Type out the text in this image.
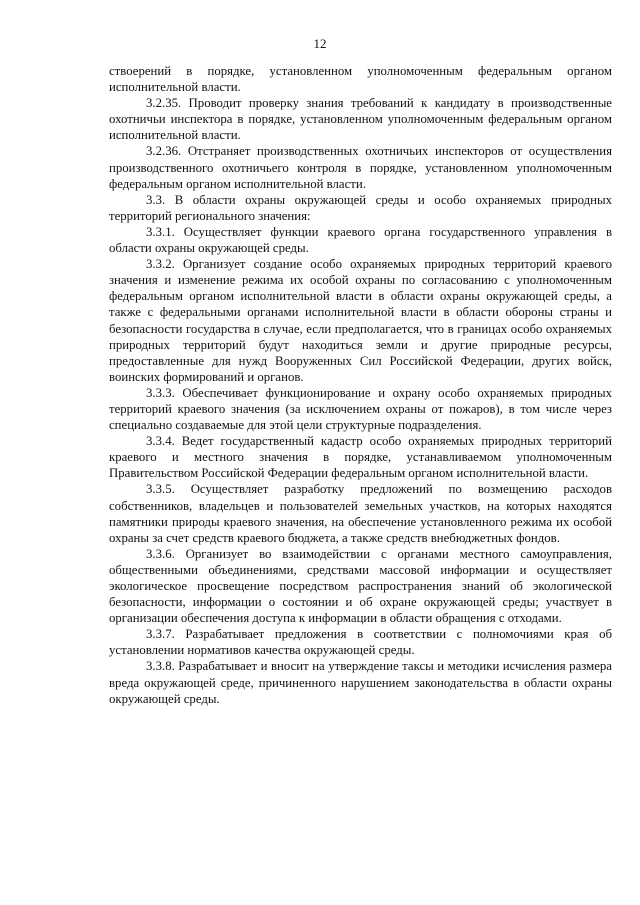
12

ствоерений в порядке, установленном уполномоченным федеральным органом исполнительной власти.

3.2.35. Проводит проверку знания требований к кандидату в производственные охотничьи инспектора в порядке, установленном уполномоченным федеральным органом исполнительной власти.

3.2.36. Отстраняет производственных охотничьих инспекторов от осуществления производственного охотничьего контроля в порядке, установленном уполномоченным федеральным органом исполнительной власти.

3.3. В области охраны окружающей среды и особо охраняемых природных территорий регионального значения:

3.3.1. Осуществляет функции краевого органа государственного управления в области охраны окружающей среды.

3.3.2. Организует создание особо охраняемых природных территорий краевого значения и изменение режима их особой охраны по согласованию с уполномоченным федеральным органом исполнительной власти в области охраны окружающей среды, а также с федеральными органами исполнительной власти в области обороны страны и безопасности государства в случае, если предполагается, что в границах особо охраняемых природных территорий будут находиться земли и другие природные ресурсы, предоставленные для нужд Вооруженных Сил Российской Федерации, других войск, воинских формирований и органов.

3.3.3. Обеспечивает функционирование и охрану особо охраняемых природных территорий краевого значения (за исключением охраны от пожаров), в том числе через специально создаваемые для этой цели структурные подразделения.

3.3.4. Ведет государственный кадастр особо охраняемых природных территорий краевого и местного значения в порядке, устанавливаемом уполномоченным Правительством Российской Федерации федеральным органом исполнительной власти.

3.3.5. Осуществляет разработку предложений по возмещению расходов собственников, владельцев и пользователей земельных участков, на которых находятся памятники природы краевого значения, на обеспечение установленного режима их особой охраны за счет средств краевого бюджета, а также средств внебюджетных фондов.

3.3.6. Организует во взаимодействии с органами местного самоуправления, общественными объединениями, средствами массовой информации и осуществляет экологическое просвещение посредством распространения знаний об экологической безопасности, информации о состоянии и об охране окружающей среды; участвует в организации обеспечения доступа к информации в области обращения с отходами.

3.3.7. Разрабатывает предложения в соответствии с полномочиями края об установлении нормативов качества окружающей среды.

3.3.8. Разрабатывает и вносит на утверждение таксы и методики исчисления размера вреда окружающей среде, причиненного нарушением законодательства в области охраны окружающей среды.
